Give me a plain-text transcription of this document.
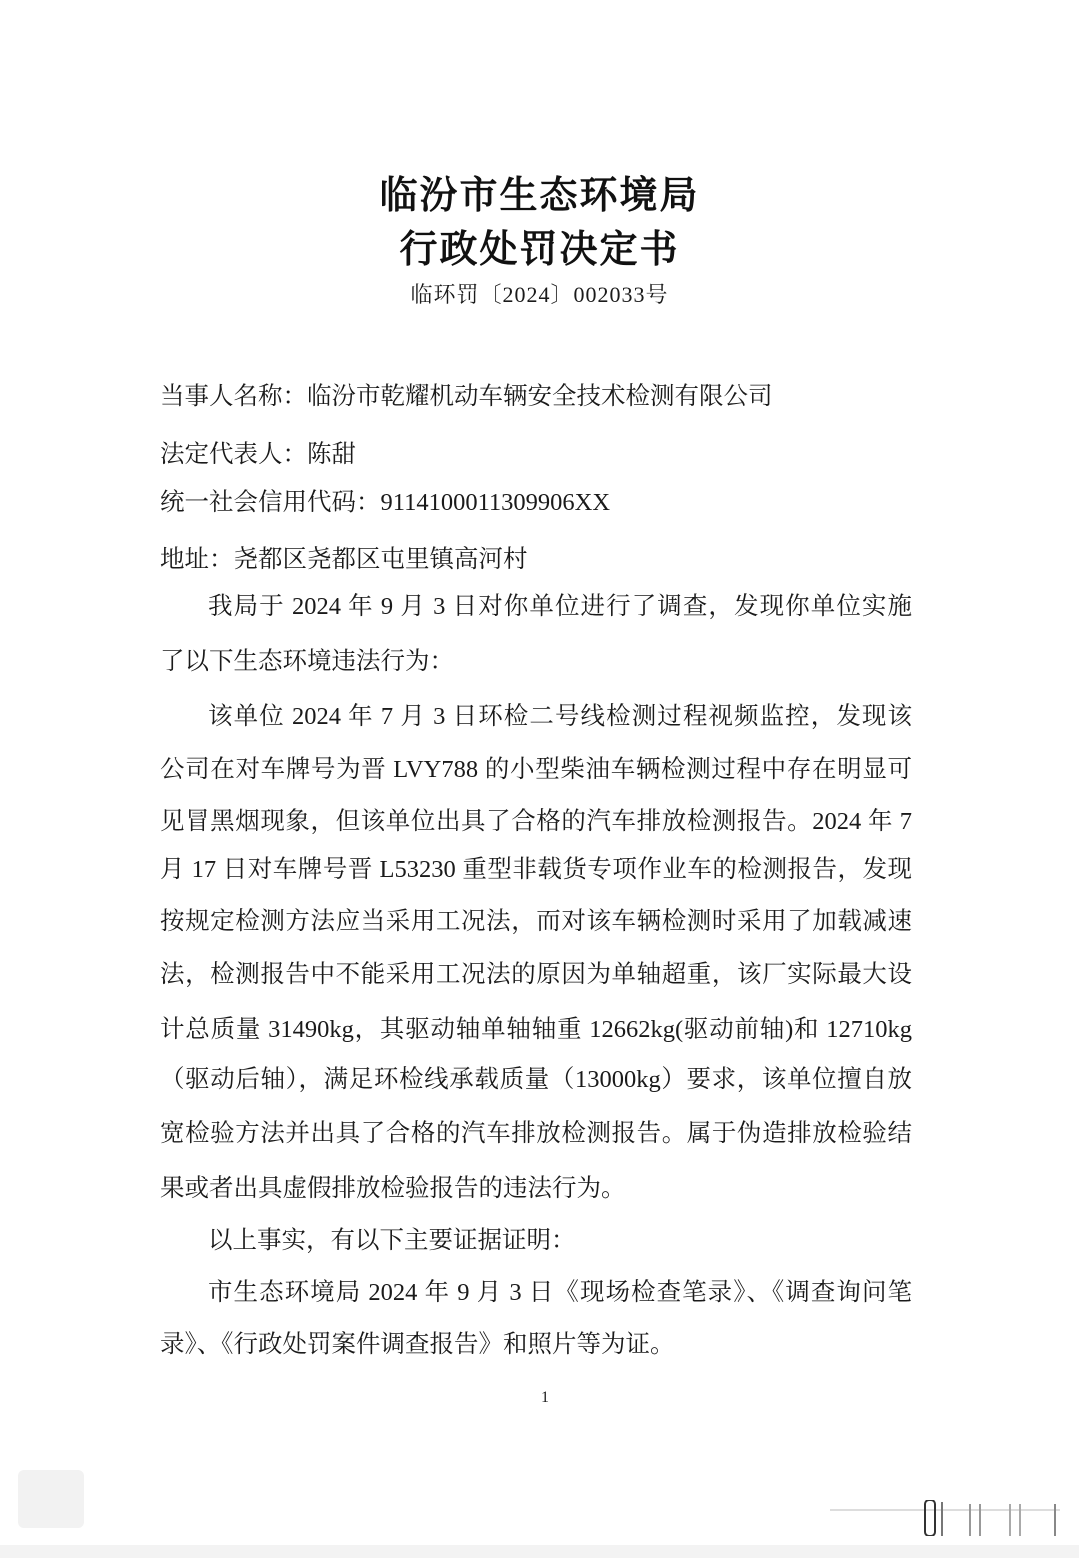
临汾市生态环境局
行政处罚决定书
临环罚〔2024〕002033号
当事人名称：临汾市乾耀机动车辆安全技术检测有限公司
法定代表人：陈甜
统一社会信用代码：9114100011309906XX
地址：尧都区尧都区屯里镇高河村
我局于 2024 年 9 月 3 日对你单位进行了调查，发现你单位实施
了以下生态环境违法行为：
该单位 2024 年 7 月 3 日环检二号线检测过程视频监控，发现该
公司在对车牌号为晋 LVY788 的小型柴油车辆检测过程中存在明显可
见冒黑烟现象，但该单位出具了合格的汽车排放检测报告。2024 年 7
月 17 日对车牌号晋 L53230 重型非载货专项作业车的检测报告，发现
按规定检测方法应当采用工况法，而对该车辆检测时采用了加载减速
法，检测报告中不能采用工况法的原因为单轴超重，该厂实际最大设
计总质量 31490kg，其驱动轴单轴轴重 12662kg(驱动前轴)和 12710kg
（驱动后轴），满足环检线承载质量（13000kg）要求，该单位擅自放
宽检验方法并出具了合格的汽车排放检测报告。属于伪造排放检验结
果或者出具虚假排放检验报告的违法行为。
以上事实，有以下主要证据证明：
市生态环境局 2024 年 9 月 3 日《现场检查笔录》、《调查询问笔
录》、《行政处罚案件调查报告》和照片等为证。
1
